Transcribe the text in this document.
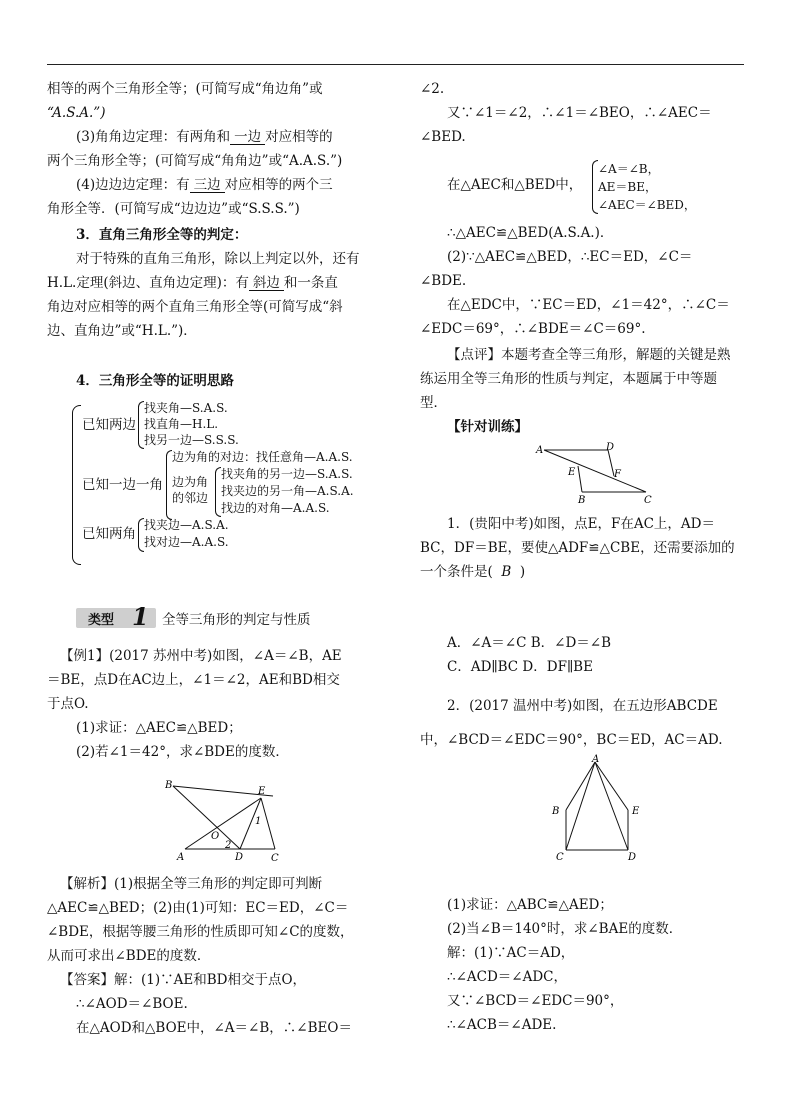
相等的两个三角形全等；(可简写成“角边角”或
“A.S.A.”)
(3)角角边定理：有两角和 一边 对应相等的
两个三角形全等；(可简写成“角角边”或“A.A.S.”)
(4)边边边定理：有 三边 对应相等的两个三
角形全等．(可简写成“边边边”或“S.S.S.”)
3．直角三角形全等的判定：
对于特殊的直角三角形，除以上判定以外，还有
H.L.定理(斜边、直角边定理)：有 斜边 和一条直
角边对应相等的两个直角三角形全等(可简写成“斜
边、直角边”或“H.L.”)．
4．三角形全等的证明思路
已知两边
找夹角—S.A.S.
找直角—H.L.
找另一边—S.S.S.
已知一边一角
边为角的对边：找任意角—A.A.S.
边为角
的邻边
找夹角的另一边—S.A.S.
找夹边的另一角—A.S.A.
找边的对角—A.A.S.
已知两角
找夹边—A.S.A.
找对边—A.A.S.
类型 1 全等三角形的判定与性质
【例1】(2017 苏州中考)如图，∠A＝∠B，AE
＝BE，点D在AC边上，∠1＝∠2，AE和BD相交
于点O.
(1)求证：△AEC≌△BED；
(2)若∠1＝42°，求∠BDE的度数．
B
E
1
O
2
A	D	C
【解析】(1)根据全等三角形的判定即可判断
△AEC≌△BED；(2)由(1)可知：EC＝ED，∠C＝
∠BDE，根据等腰三角形的性质即可知∠C的度数，
从而可求出∠BDE的度数．
【答案】解：(1)∵AE和BD相交于点O，
∴∠AOD＝∠BOE.
在△AOD和△BOE中，∠A＝∠B，∴∠BEO＝
∠2.
又∵∠1＝∠2，∴∠1＝∠BEO，∴∠AEC＝
∠BED.
在△AEC和△BED中，
∠A＝∠B，
AE＝BE，
∠AEC＝∠BED，
∴△AEC≌△BED(A.S.A.)．
(2)∵△AEC≌△BED，∴EC＝ED，∠C＝
∠BDE.
在△EDC中，∵EC＝ED，∠1＝42°，∴∠C＝
∠EDC＝69°，∴∠BDE＝∠C＝69°.
【点评】本题考查全等三角形，解题的关键是熟
练运用全等三角形的性质与判定，本题属于中等题
型．
【针对训练】
A	D
E	F
B	C
1．(贵阳中考)如图，点E，F在AC上，AD＝
BC，DF＝BE，要使△ADF≌△CBE，还需要添加的
一个条件是( B )
A．∠A＝∠C B．∠D＝∠B
C．AD∥BC D．DF∥BE
2．(2017 温州中考)如图，在五边形ABCDE
中，∠BCD＝∠EDC＝90°，BC＝ED，AC＝AD.
A
B	E
C	D
(1)求证：△ABC≌△AED；
(2)当∠B＝140°时，求∠BAE的度数．
解：(1)∵AC＝AD，
∴∠ACD＝∠ADC，
又∵∠BCD＝∠EDC＝90°，
∴∠ACB＝∠ADE.
